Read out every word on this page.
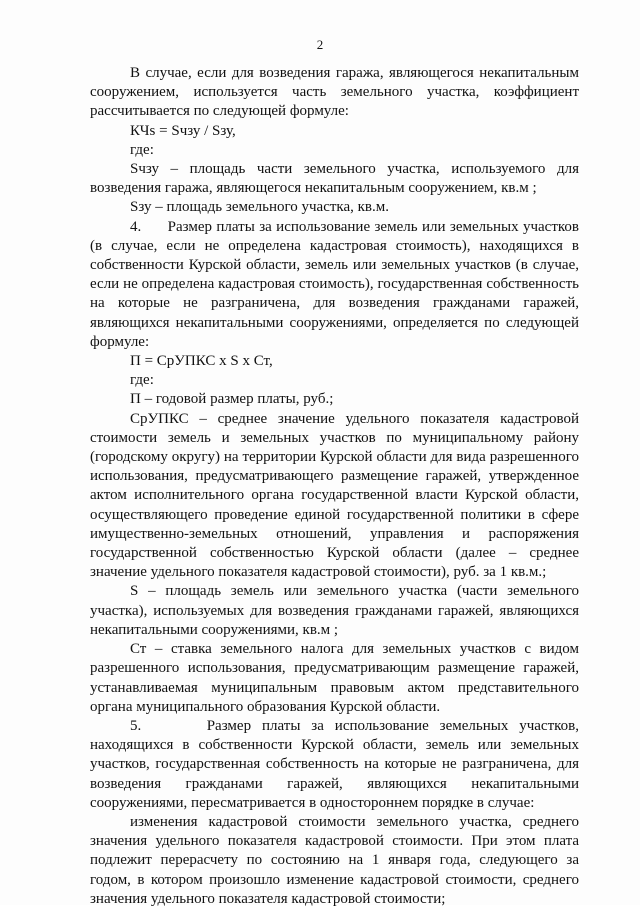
2

В случае, если для возведения гаража, являющегося некапитальным сооружением, используется часть земельного участка, коэффициент рассчитывается по следующей формуле:

КЧs = Sчзу / Sзу,

где:

Sчзу – площадь части земельного участка, используемого для возведения гаража, являющегося некапитальным сооружением, кв.м ;

Sзу – площадь земельного участка, кв.м.

4.      Размер платы за использование земель или земельных участков (в случае, если не определена кадастровая стоимость), находящихся в собственности Курской области, земель или земельных участков (в случае, если не определена кадастровая стоимость), государственная собственность на которые не разграничена, для возведения гражданами гаражей, являющихся некапитальными сооружениями, определяется по следующей формуле:

П = СрУПКС x S x Ст,

где:

П – годовой размер платы, руб.;

СрУПКС – среднее значение удельного показателя кадастровой стоимости земель и земельных участков по муниципальному району (городскому округу) на территории Курской области для вида разрешенного использования, предусматривающего размещение гаражей, утвержденное актом исполнительного органа государственной власти Курской области, осуществляющего проведение единой государственной политики в сфере имущественно-земельных отношений, управления и распоряжения государственной собственностью Курской области (далее – среднее значение удельного показателя кадастровой стоимости), руб. за 1 кв.м.;

S – площадь земель или земельного участка (части земельного участка), используемых для возведения гражданами гаражей, являющихся некапитальными сооружениями, кв.м ;

Ст – ставка земельного налога для земельных участков с видом разрешенного использования, предусматривающим размещение гаражей, устанавливаемая муниципальным правовым актом представительного органа муниципального образования Курской области.

5.      Размер платы за использование земельных участков, находящихся в собственности Курской области, земель или земельных участков, государственная собственность на которые не разграничена, для возведения гражданами гаражей, являющихся некапитальными сооружениями, пересматривается в одностороннем порядке в случае:

изменения кадастровой стоимости земельного участка, среднего значения удельного показателя кадастровой стоимости. При этом плата подлежит перерасчету по состоянию на 1 января года, следующего за годом, в котором произошло изменение кадастровой стоимости, среднего значения удельного показателя кадастровой стоимости;
